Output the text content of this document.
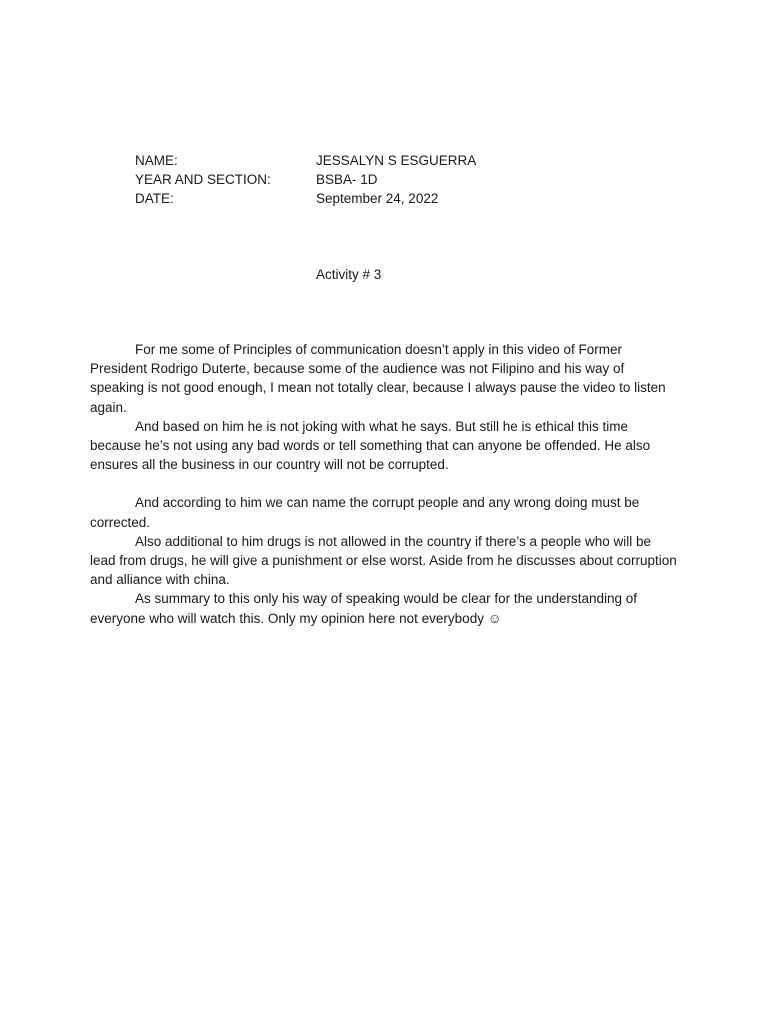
NAME:	JESSALYN S ESGUERRA
YEAR AND SECTION:	BSBA- 1D
DATE:	September 24, 2022
Activity # 3

For me some of Principles of communication doesn’t apply in this video of Former President Rodrigo Duterte, because some of the audience was not Filipino and his way of speaking is not good enough, I mean not totally clear, because I always pause the video to listen again.

And based on him he is not joking with what he says. But still he is ethical this time because he’s not using any bad words or tell something that can anyone be offended. He also ensures all the business in our country will not be corrupted.

And according to him we can name the corrupt people and any wrong doing must be corrected.

Also additional to him drugs is not allowed in the country if there’s a people who will be lead from drugs, he will give a punishment or else worst. Aside from he discusses about corruption and alliance with china.

As summary to this only his way of speaking would be clear for the understanding of everyone who will watch this. Only my opinion here not everybody ☺
